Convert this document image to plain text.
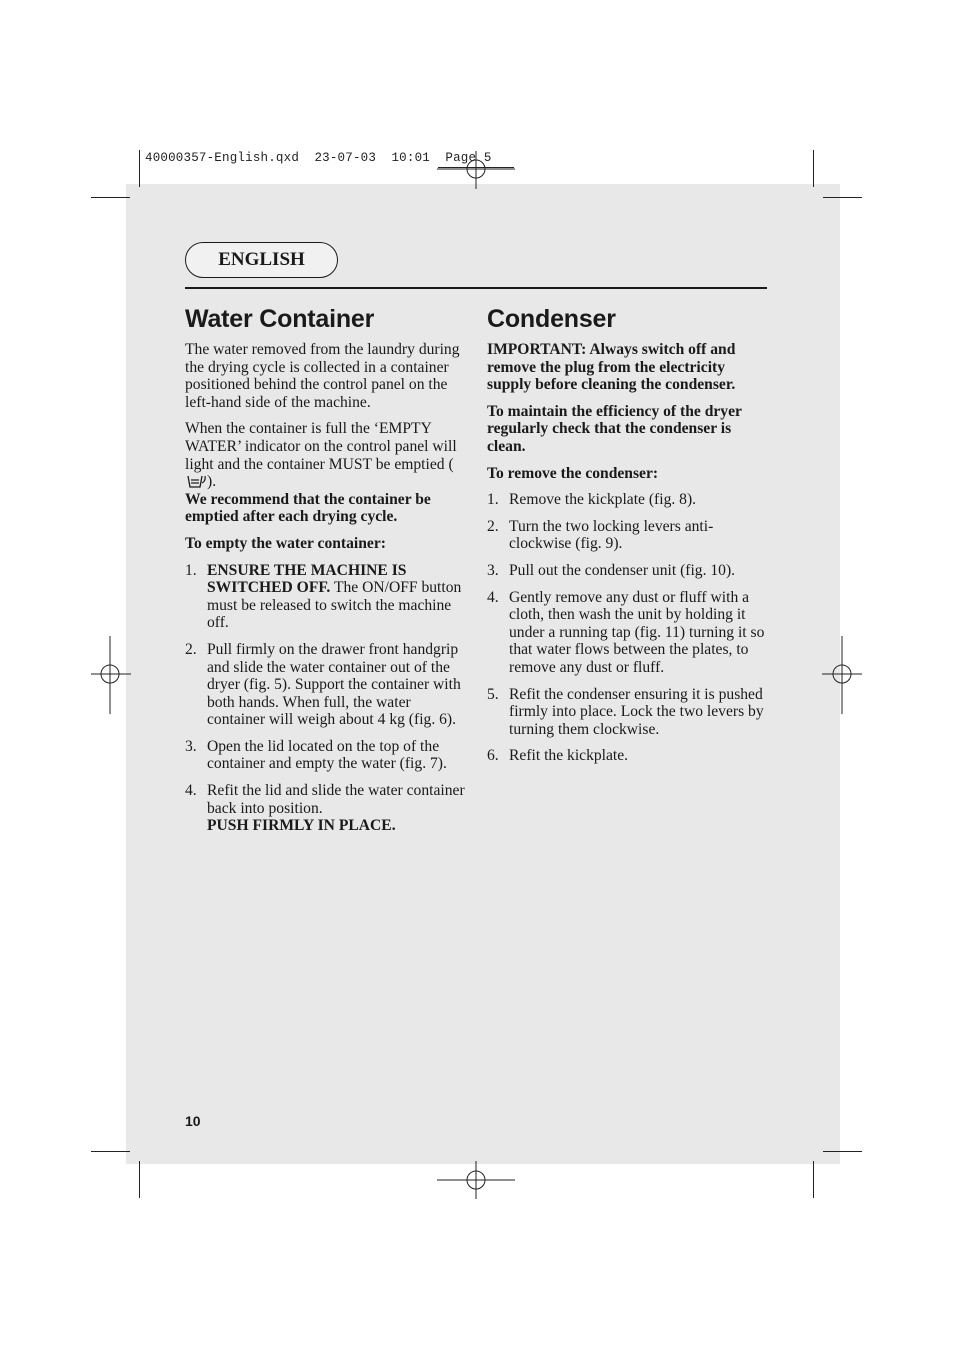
40000357-English.qxd 23-07-03 10:01 Page 5
ENGLISH
Water Container

The water removed from the laundry during the drying cycle is collected in a container positioned behind the control panel on the left-hand side of the machine.

When the container is full the ‘EMPTY WATER’ indicator on the control panel will light and the container MUST be emptied ().

We recommend that the container be emptied after each drying cycle.

To empty the water container:

1. ENSURE THE MACHINE IS SWITCHED OFF. The ON/OFF button must be released to switch the machine off.
2. Pull firmly on the drawer front handgrip and slide the water container out of the dryer (fig. 5). Support the container with both hands. When full, the water container will weigh about 4 kg (fig. 6).
3. Open the lid located on the top of the container and empty the water (fig. 7).
4. Refit the lid and slide the water container back into position.
PUSH FIRMLY IN PLACE.
Condenser

IMPORTANT: Always switch off and remove the plug from the electricity supply before cleaning the condenser.

To maintain the efficiency of the dryer regularly check that the condenser is clean.

To remove the condenser:

1. Remove the kickplate (fig. 8).
2. Turn the two locking levers anti-clockwise (fig. 9).
3. Pull out the condenser unit (fig. 10).
4. Gently remove any dust or fluff with a cloth, then wash the unit by holding it under a running tap (fig. 11) turning it so that water flows between the plates, to remove any dust or fluff.
5. Refit the condenser ensuring it is pushed firmly into place. Lock the two levers by turning them clockwise.
6. Refit the kickplate.
10
